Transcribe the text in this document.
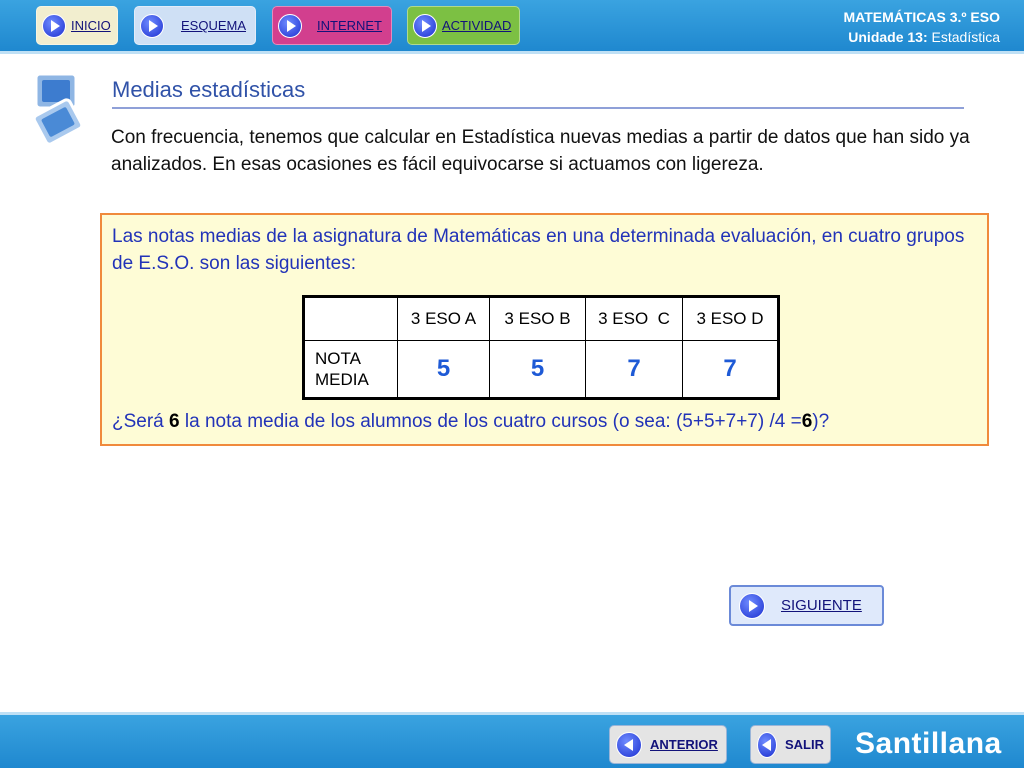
INICIO	ESQUEMA	INTERNET	ACTIVIDAD
MATEMÁTICAS 3.º ESO
Unidade 13: Estadística
Medias estadísticas
Con frecuencia, tenemos que calcular en Estadística nuevas medias a partir de datos que han sido ya analizados. En esas ocasiones es fácil equivocarse si actuamos con ligereza.
Las notas medias de la asignatura de Matemáticas en una determinada evaluación, en cuatro grupos de E.S.O. son las siguientes:
	3 ESO A	3 ESO B	3 ESO  C	3 ESO D
NOTA
MEDIA	5	5	7	7
¿Será 6 la nota media de los alumnos de los cuatro cursos (o sea: (5+5+7+7) /4 =6)?
SIGUIENTE
ANTERIOR	SALIR Santillana
